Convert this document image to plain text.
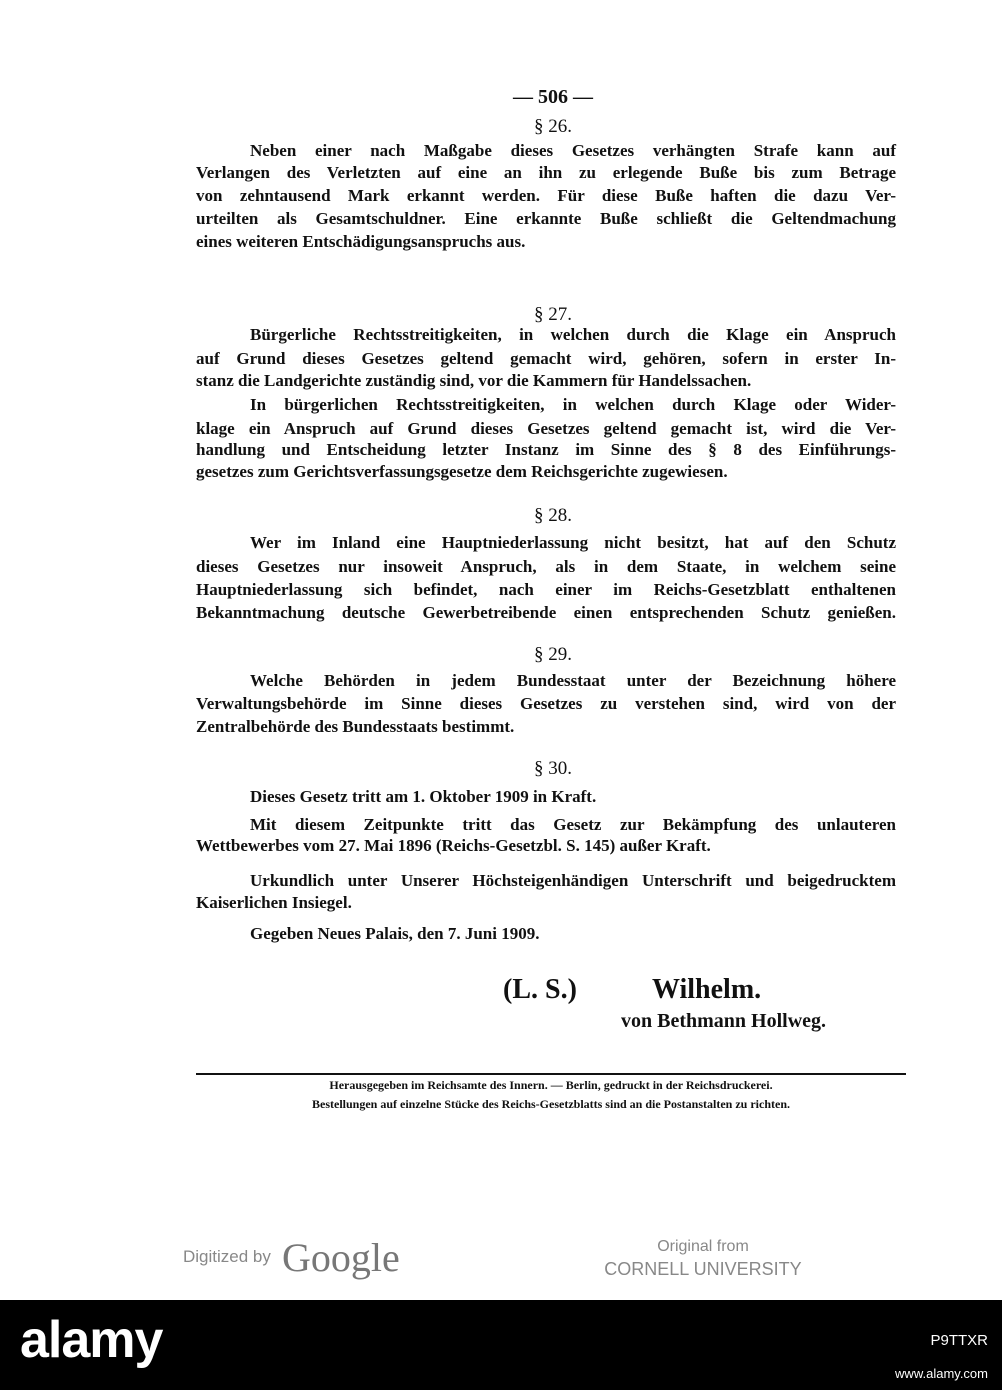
— 506 —
§ 26.
Neben einer nach Maßgabe dieses Gesetzes verhängten Strafe kann auf
Verlangen des Verletzten auf eine an ihn zu erlegende Buße bis zum Betrage
von zehntausend Mark erkannt werden. Für diese Buße haften die dazu Ver-
urteilten als Gesamtschuldner. Eine erkannte Buße schließt die Geltendmachung
eines weiteren Entschädigungsanspruchs aus.
§ 27.
Bürgerliche Rechtsstreitigkeiten, in welchen durch die Klage ein Anspruch
auf Grund dieses Gesetzes geltend gemacht wird, gehören, sofern in erster In-
stanz die Landgerichte zuständig sind, vor die Kammern für Handelssachen.
In bürgerlichen Rechtsstreitigkeiten, in welchen durch Klage oder Wider-
klage ein Anspruch auf Grund dieses Gesetzes geltend gemacht ist, wird die Ver-
handlung und Entscheidung letzter Instanz im Sinne des § 8 des Einführungs-
gesetzes zum Gerichtsverfassungsgesetze dem Reichsgerichte zugewiesen.
§ 28.
Wer im Inland eine Hauptniederlassung nicht besitzt, hat auf den Schutz
dieses Gesetzes nur insoweit Anspruch, als in dem Staate, in welchem seine
Hauptniederlassung sich befindet, nach einer im Reichs-Gesetzblatt enthaltenen
Bekanntmachung deutsche Gewerbetreibende einen entsprechenden Schutz genießen.
§ 29.
Welche Behörden in jedem Bundesstaat unter der Bezeichnung höhere
Verwaltungsbehörde im Sinne dieses Gesetzes zu verstehen sind, wird von der
Zentralbehörde des Bundesstaats bestimmt.
§ 30.
Dieses Gesetz tritt am 1. Oktober 1909 in Kraft.
Mit diesem Zeitpunkte tritt das Gesetz zur Bekämpfung des unlauteren
Wettbewerbes vom 27. Mai 1896 (Reichs-Gesetzbl. S. 145) außer Kraft.
Urkundlich unter Unserer Höchsteigenhändigen Unterschrift und beigedrucktem
Kaiserlichen Insiegel.
Gegeben Neues Palais, den 7. Juni 1909.
(L. S.)	Wilhelm.
von Bethmann Hollweg.
Herausgegeben im Reichsamte des Innern. — Berlin, gedruckt in der Reichsdruckerei.
Bestellungen auf einzelne Stücke des Reichs-Gesetzblatts sind an die Postanstalten zu richten.
Digitized by Google	Original from
CORNELL UNIVERSITY
alamy	P9TTXR
www.alamy.com
